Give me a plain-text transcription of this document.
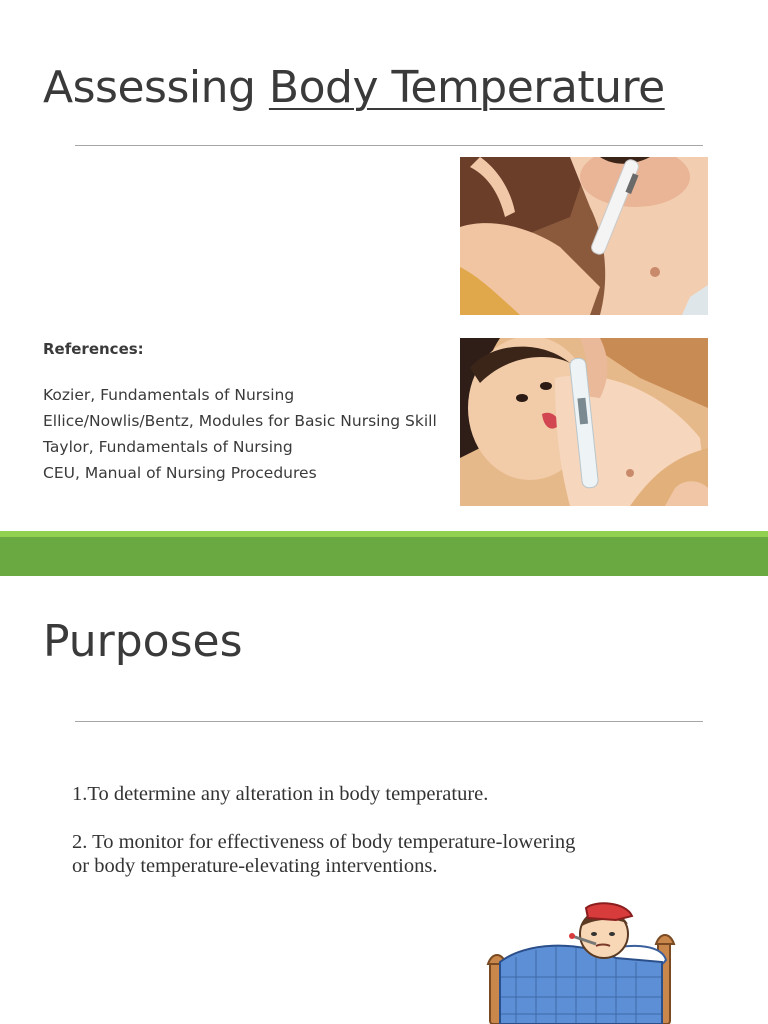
Assessing Body Temperature
References:
Kozier, Fundamentals of Nursing
Ellice/Nowlis/Bentz, Modules for Basic Nursing Skill
Taylor, Fundamentals of Nursing
CEU, Manual of Nursing Procedures
Purposes
1.To determine any alteration in body temperature.
2. To monitor for effectiveness of body temperature-lowering
or body temperature-elevating interventions.
